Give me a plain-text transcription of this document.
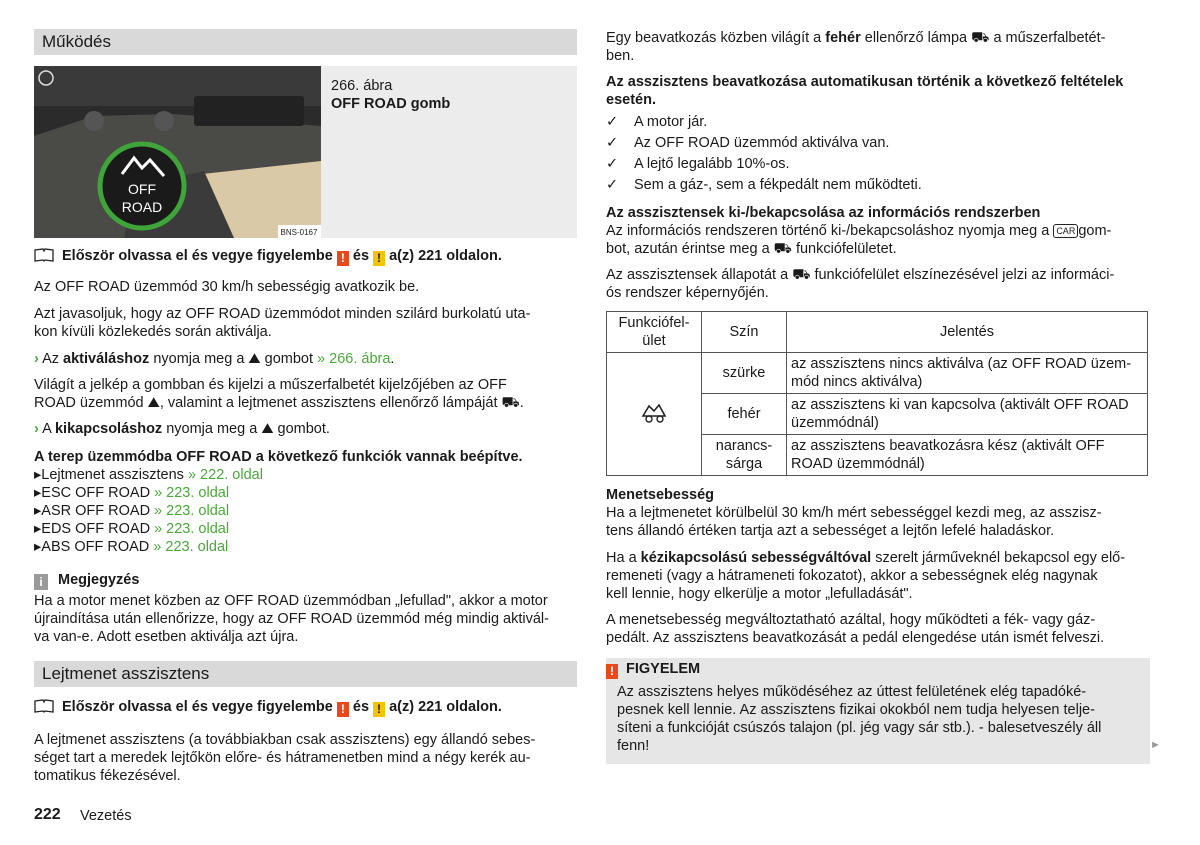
Működés
OFF
ROAD
BNS-0167
266. ábra
OFF ROAD gomb
Először olvassa el és vegye figyelembe ! és ! a(z) 221 oldalon.
Az OFF ROAD üzemmód 30 km/h sebességig avatkozik be.
Azt javasoljuk, hogy az OFF ROAD üzemmódot minden szilárd burkolatú uta-
kon kívüli közlekedés során aktiválja.
› Az aktiváláshoz nyomja meg a ⛰ gombot » 266. ábra.
Világít a jelkép a gombban és kijelzi a műszerfalbetét kijelzőjében az OFF
ROAD üzemmód ⛰, valamint a lejtmenet asszisztens ellenőrző lámpáját ⛟.
› A kikapcsoláshoz nyomja meg a ⛰ gombot.
A terep üzemmódba OFF ROAD a következő funkciók vannak beépítve.
▸Lejtmenet asszisztens » 222. oldal
▸ESC OFF ROAD » 223. oldal
▸ASR OFF ROAD » 223. oldal
▸EDS OFF ROAD » 223. oldal
▸ABS OFF ROAD » 223. oldal
i Megjegyzés
Ha a motor menet közben az OFF ROAD üzemmódban „lefullad", akkor a motor
újraindítása után ellenőrizze, hogy az OFF ROAD üzemmód még mindig aktivál-
va van-e. Adott esetben aktiválja azt újra.
Lejtmenet asszisztens
Először olvassa el és vegye figyelembe ! és ! a(z) 221 oldalon.
A lejtmenet asszisztens (a továbbiakban csak asszisztens) egy állandó sebes-
séget tart a meredek lejtőkön előre- és hátramenetben mind a négy kerék au-
tomatikus fékezésével.
222 Vezetés
Egy beavatkozás közben világít a fehér ellenőrző lámpa ⛟ a műszerfalbetét-
ben.
Az asszisztens beavatkozása automatikusan történik a következő feltételek
esetén.
✓ A motor jár.
✓ Az OFF ROAD üzemmód aktiválva van.
✓ A lejtő legalább 10%-os.
✓ Sem a gáz-, sem a fékpedált nem működteti.
Az asszisztensek ki-/bekapcsolása az információs rendszerben
Az információs rendszeren történő ki-/bekapcsoláshoz nyomja meg a CAR gom-
bot, azután érintse meg a ⛟ funkciófelületet.
Az asszisztensek állapotát a ⛟ funkciófelület elszínezésével jelzi az informáci-
ós rendszer képernyőjén.
Funkciófel-
ület	Szín	Jelentés
	szürke	az asszisztens nincs aktiválva (az OFF ROAD üzem-
mód nincs aktiválva)
	fehér	az asszisztens ki van kapcsolva (aktivált OFF ROAD
üzemmódnál)
	narancs-
sárga	az asszisztens beavatkozásra kész (aktivált OFF
ROAD üzemmódnál)
Menetsebesség
Ha a lejtmenetet körülbelül 30 km/h mért sebességgel kezdi meg, az asszisz-
tens állandó értéken tartja azt a sebességet a lejtőn lefelé haladáskor.
Ha a kézikapcsolású sebességváltóval szerelt járműveknél bekapcsol egy elő-
remeneti (vagy a hátrameneti fokozatot), akkor a sebességnek elég nagynak
kell lennie, hogy elkerülje a motor „lefulladását".
A menetsebesség megváltoztatható azáltal, hogy működteti a fék- vagy gáz-
pedált. Az asszisztens beavatkozását a pedál elengedése után ismét felveszi.
! FIGYELEM
Az asszisztens helyes működéséhez az úttest felületének elég tapadóké-
pesnek kell lennie. Az asszisztens fizikai okokból nem tudja helyesen telje-
síteni a funkcióját csúszós talajon (pl. jég vagy sár stb.). - balesetveszély áll
fenn!	►
